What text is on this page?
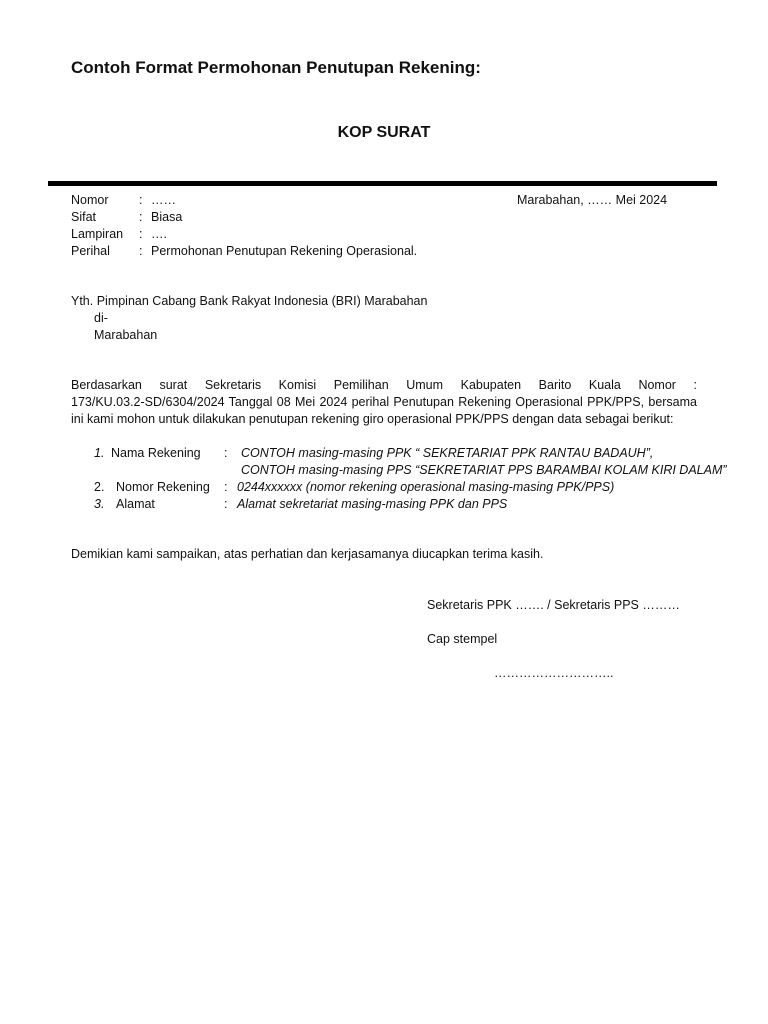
Contoh Format Permohonan Penutupan Rekening:
KOP SURAT
Nomor : ……
Sifat	: Biasa
Lampiran : ….
Perihal : Permohonan Penutupan Rekening Operasional.
Marabahan, …… Mei 2024
Yth. Pimpinan Cabang Bank Rakyat Indonesia (BRI) Marabahan
di-
Marabahan
Berdasarkan surat Sekretaris Komisi Pemilihan Umum Kabupaten Barito Kuala Nomor :
173/KU.03.2-SD/6304/2024 Tanggal 08 Mei 2024 perihal Penutupan Rekening Operasional PPK/PPS, bersama
ini kami mohon untuk dilakukan penutupan rekening giro operasional PPK/PPS dengan data sebagai berikut:
1. Nama Rekening : CONTOH masing-masing PPK “ SEKRETARIAT PPK RANTAU BADAUH”,
CONTOH masing-masing PPS “SEKRETARIAT PPS BARAMBAI KOLAM KIRI DALAM”
2. Nomor Rekening : 0244xxxxxx (nomor rekening operasional masing-masing PPK/PPS)
3. Alamat	: Alamat sekretariat masing-masing PPK dan PPS
Demikian kami sampaikan, atas perhatian dan kerjasamanya diucapkan terima kasih.
Sekretaris PPK ……. / Sekretaris PPS ………
Cap stempel
………………………..
